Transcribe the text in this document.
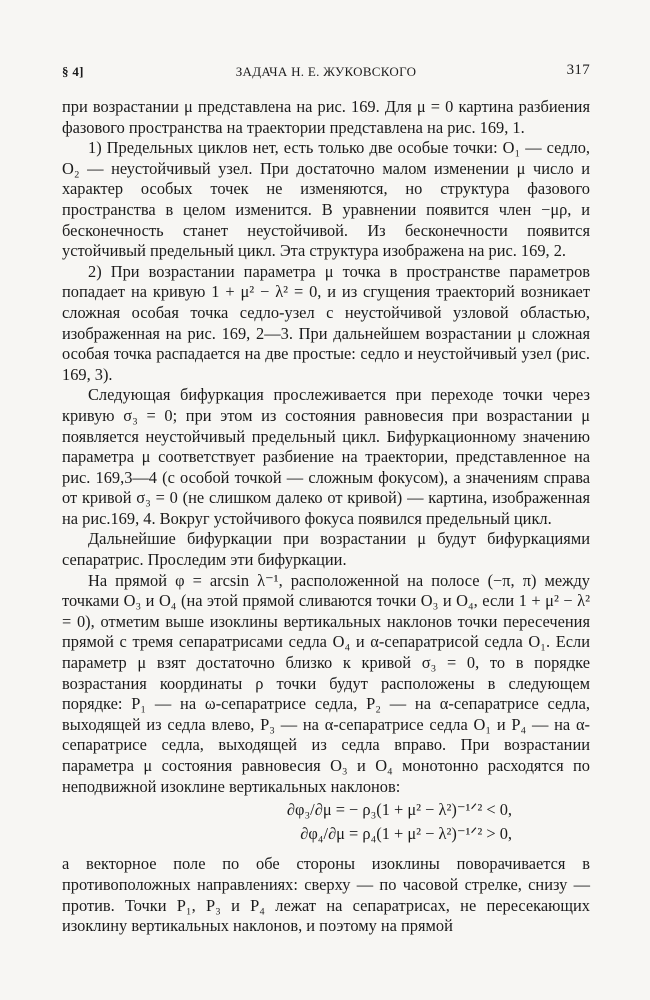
§ 4]	ЗАДАЧА Н. Е. ЖУКОВСКОГО	317

при возрастании μ представлена на рис. 169. Для μ = 0 картина разбиения фазового пространства на траектории представлена на рис. 169, 1.

1) Предельных циклов нет, есть только две особые точки: O₁ — седло, O₂ — неустойчивый узел. При достаточно малом изменении μ число и характер особых точек не изменяются, но структура фазового пространства в целом изменится. В уравнении появится член −μρ, и бесконечность станет неустойчивой. Из бесконечности появится устойчивый предельный цикл. Эта структура изображена на рис. 169, 2.

2) При возрастании параметра μ точка в пространстве параметров попадает на кривую 1 + μ² − λ² = 0, и из сгущения траекторий возникает сложная особая точка седло-узел с неустойчивой узловой областью, изображенная на рис. 169, 2—3. При дальнейшем возрастании μ сложная особая точка распадается на две простые: седло и неустойчивый узел (рис. 169, 3).

Следующая бифуркация прослеживается при переходе точки через кривую σ₃ = 0; при этом из состояния равновесия при возрастании μ появляется неустойчивый предельный цикл. Бифуркационному значению параметра μ соответствует разбиение на траектории, представленное на рис. 169,3—4 (с особой точкой — сложным фокусом), а значениям справа от кривой σ₃ = 0 (не слишком далеко от кривой) — картина, изображенная на рис.169, 4. Вокруг устойчивого фокуса появился предельный цикл.

Дальнейшие бифуркации при возрастании μ будут бифуркациями сепаратрис. Проследим эти бифуркации.

На прямой φ = arcsin λ⁻¹, расположенной на полосе (−π, π) между точками O₃ и O₄ (на этой прямой сливаются точки O₃ и O₄, если 1 + μ² − λ² = 0), отметим выше изоклины вертикальных наклонов точки пересечения прямой с тремя сепаратрисами седла O₄ и α-сепаратрисой седла O₁. Если параметр μ взят достаточно близко к кривой σ₃ = 0, то в порядке возрастания координаты ρ точки будут расположены в следующем порядке: P₁ — на ω-сепаратрисе седла, P₂ — на α-сепаратрисе седла, выходящей из седла влево, P₃ — на α-сепаратрисе седла O₁ и P₄ — на α-сепаратрисе седла, выходящей из седла вправо. При возрастании параметра μ состояния равновесия O₃ и O₄ монотонно расходятся по неподвижной изоклине вертикальных наклонов:

∂φ₃/∂μ = − ρ₃(1 + μ² − λ²)⁻¹ᐟ² < 0,
∂φ₄/∂μ = ρ₄(1 + μ² − λ²)⁻¹ᐟ² > 0,

а векторное поле по обе стороны изоклины поворачивается в противоположных направлениях: сверху — по часовой стрелке, снизу — против. Точки P₁, P₃ и P₄ лежат на сепаратрисах, не пересекающих изоклину вертикальных наклонов, и поэтому на прямой
